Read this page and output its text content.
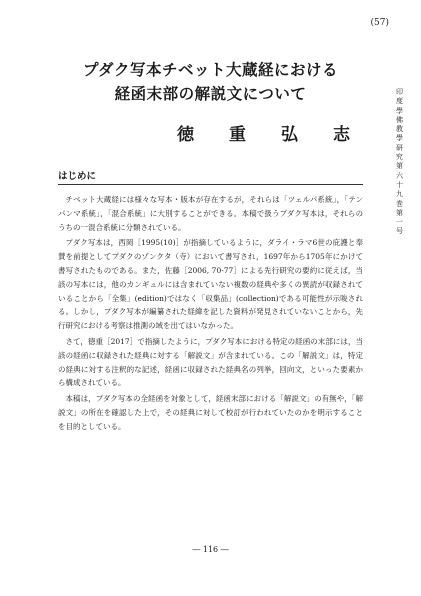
(57)
プダク写本チベット大蔵経における
経函末部の解説文について
徳　重　弘　志
印度學佛教學研究第六十九巻第一号
はじめに

チベット大蔵経には様々な写本・版本が存在するが，それらは「ツェルパ系統」，「テンパンマ系統」，「混合系統」に大別することができる。本稿で扱うプダク写本は，それらのうちの一混合系統に分類されている。

プダク写本は，西岡［1995(10)］が指摘しているように，ダライ・ラマ6世の庇護と奉賛を前提としてプダクのゾンクタ（寺）において書写され，1697年から1705年にかけて書写されたものである。また，佐藤［2006, 70-77］による先行研究の要約に従えば，当該の写本には，他のカンギュルには含まれていない複数の経典や多くの異読が収録されていることから「全集」(edition)ではなく「収集品」(collection)である可能性が示唆される。しかし，プダク写本が編纂された経緯を記した資料が発見されていないことから，先行研究における考察は推測の域を出てはいなかった。

さて，徳重［2017］で指摘したように，プダク写本における特定の経函の末部には，当該の経函に収録された経典に対する「解説文」が含まれている。この「解説文」は，特定の経典に対する注釈的な記述，経函に収録された経典名の列挙，回向文，といった要素から構成されている。

本稿は，プダク写本の全経函を対象として，経函末部における「解説文」の有無や，「解説文」の所在を確認した上で，その経典に対して校訂が行われていたのかを明示することを目的としている。

― 116 ―
